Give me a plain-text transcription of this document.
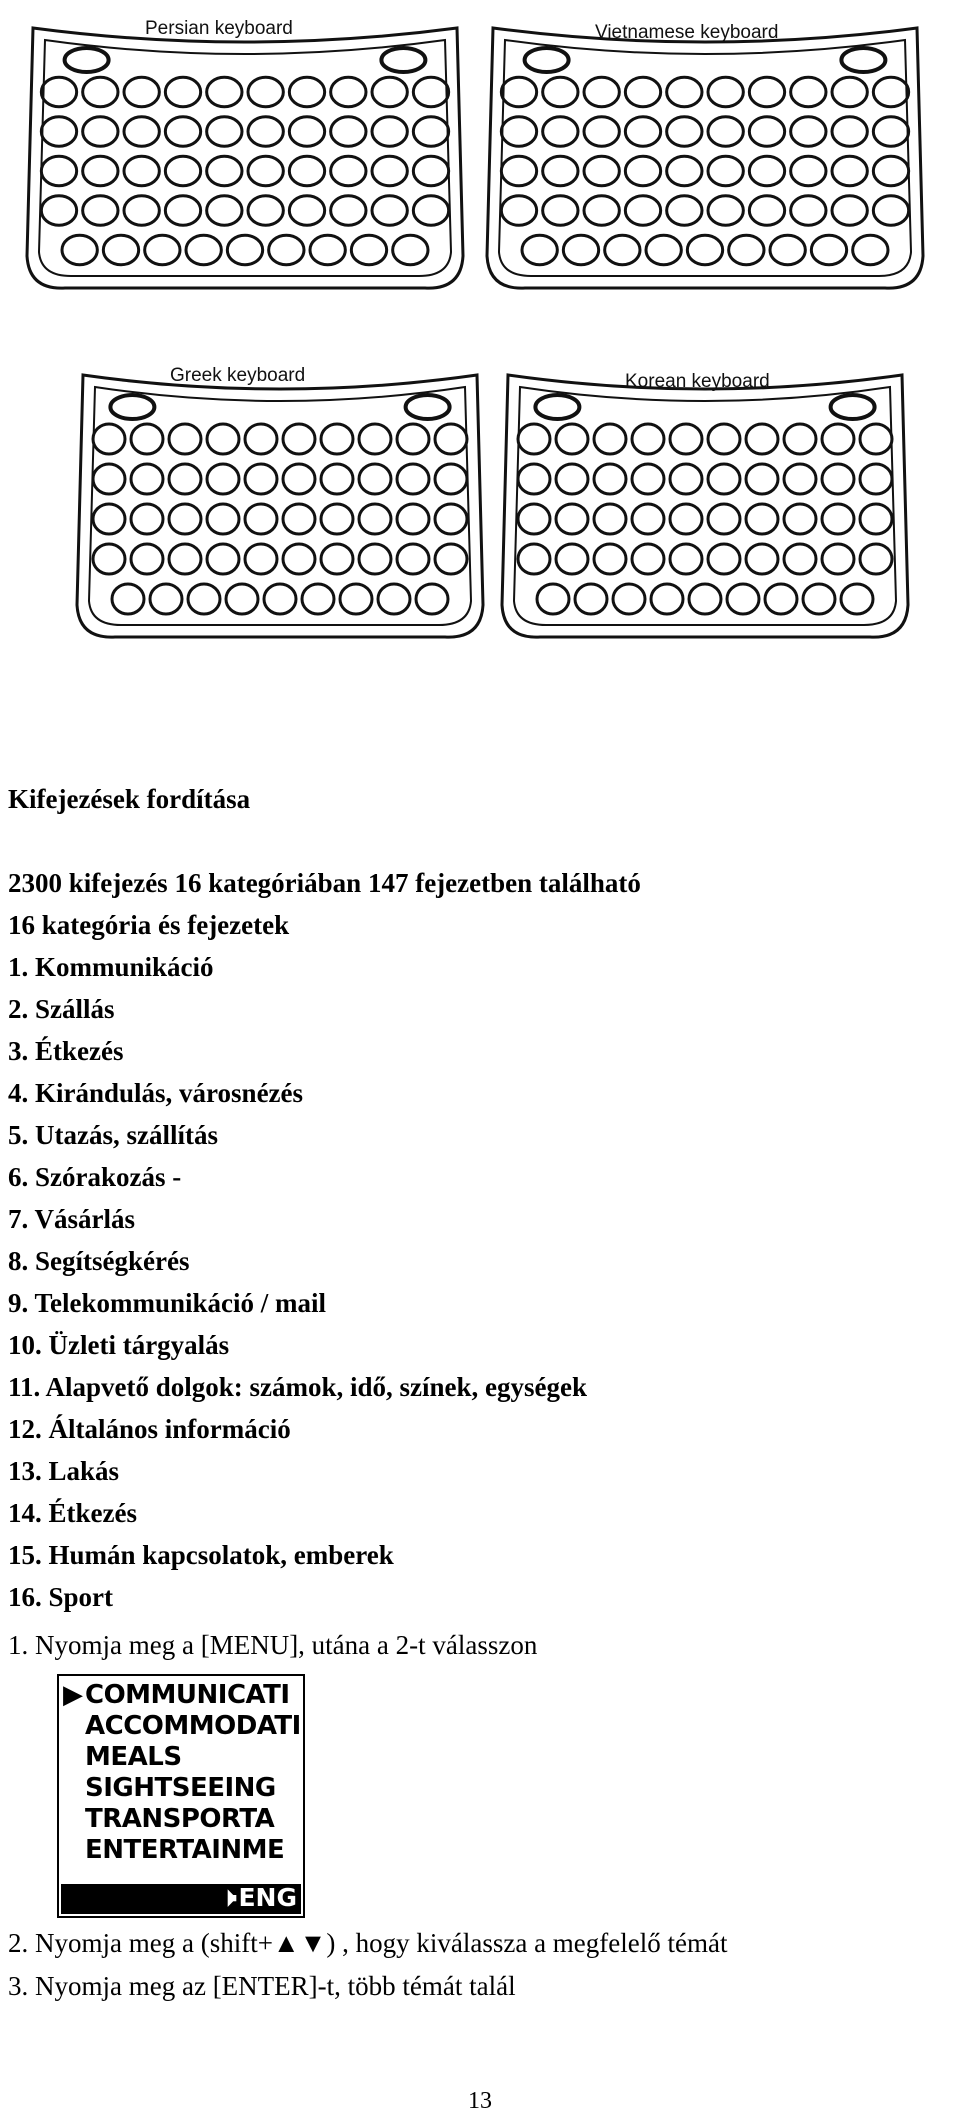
Persian keyboard	Vietnamese keyboard
Greek keyboard	Korean keyboard
Kifejezések fordítása
2300 kifejezés 16 kategóriában 147 fejezetben található
16 kategória és fejezetek
1. Kommunikáció
2. Szállás
3. Étkezés
4. Kirándulás, városnézés
5. Utazás, szállítás
6. Szórakozás -
7. Vásárlás
8. Segítségkérés
9. Telekommunikáció / mail
10. Üzleti tárgyalás
11. Alapvető dolgok: számok, idő, színek, egységek
12. Általános információ
13. Lakás
14. Étkezés
15. Humán kapcsolatok, emberek
16. Sport
1. Nyomja meg a [MENU], utána a 2-t válasszon
▶COMMUNICATI
ACCOMMODATI
MEALS
SIGHTSEEING
TRANSPORTA
ENTERTAINME
🕨ENG
2. Nyomja meg a (shift+▲▼) , hogy kiválassza a megfelelő témát
3. Nyomja meg az [ENTER]-t, több témát talál
13
